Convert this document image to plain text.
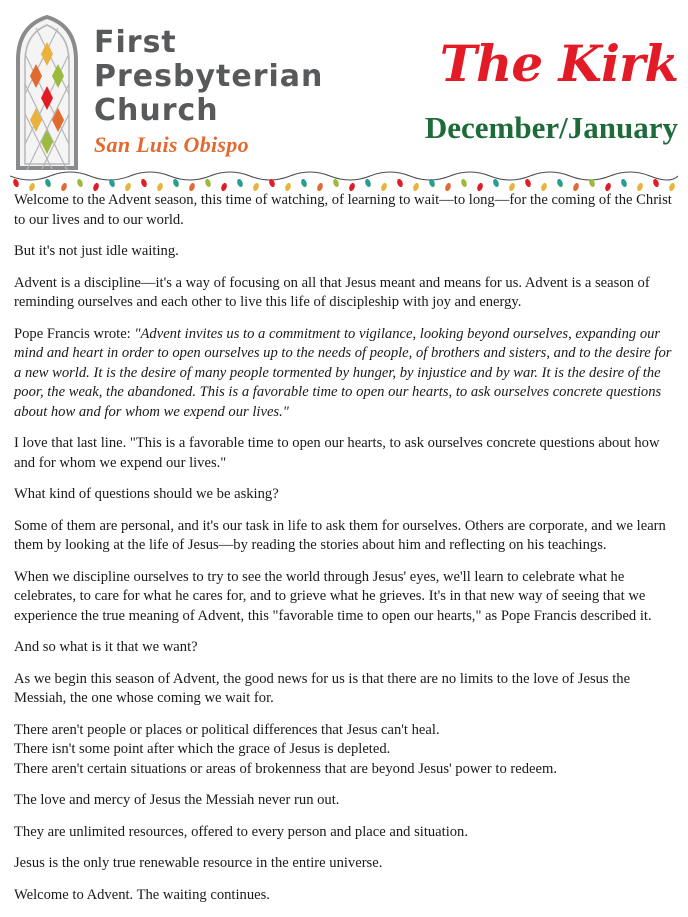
First
Presbyterian
Church
San Luis Obispo
The Kirk
December/January

Welcome to the Advent season, this time of watching, of learning to wait—to long—for the coming of the Christ to our lives and to our world.

But it's not just idle waiting.

Advent is a discipline—it's a way of focusing on all that Jesus meant and means for us. Advent is a season of reminding ourselves and each other to live this life of discipleship with joy and energy.

Pope Francis wrote: "Advent invites us to a commitment to vigilance, looking beyond ourselves, expanding our mind and heart in order to open ourselves up to the needs of people, of brothers and sisters, and to the desire for a new world. It is the desire of many people tormented by hunger, by injustice and by war. It is the desire of the poor, the weak, the abandoned. This is a favorable time to open our hearts, to ask ourselves concrete questions about how and for whom we expend our lives."

I love that last line. "This is a favorable time to open our hearts, to ask ourselves concrete questions about how and for whom we expend our lives."

What kind of questions should we be asking?

Some of them are personal, and it's our task in life to ask them for ourselves. Others are corporate, and we learn them by looking at the life of Jesus—by reading the stories about him and reflecting on his teachings.

When we discipline ourselves to try to see the world through Jesus' eyes, we'll learn to celebrate what he celebrates, to care for what he cares for, and to grieve what he grieves. It's in that new way of seeing that we experience the true meaning of Advent, this "favorable time to open our hearts," as Pope Francis described it.

And so what is it that we want?

As we begin this season of Advent, the good news for us is that there are no limits to the love of Jesus the Messiah, the one whose coming we wait for.

There aren't people or places or political differences that Jesus can't heal.
There isn't some point after which the grace of Jesus is depleted.
There aren't certain situations or areas of brokenness that are beyond Jesus' power to redeem.

The love and mercy of Jesus the Messiah never run out.

They are unlimited resources, offered to every person and place and situation.

Jesus is the only true renewable resource in the entire universe.

Welcome to Advent. The waiting continues.
